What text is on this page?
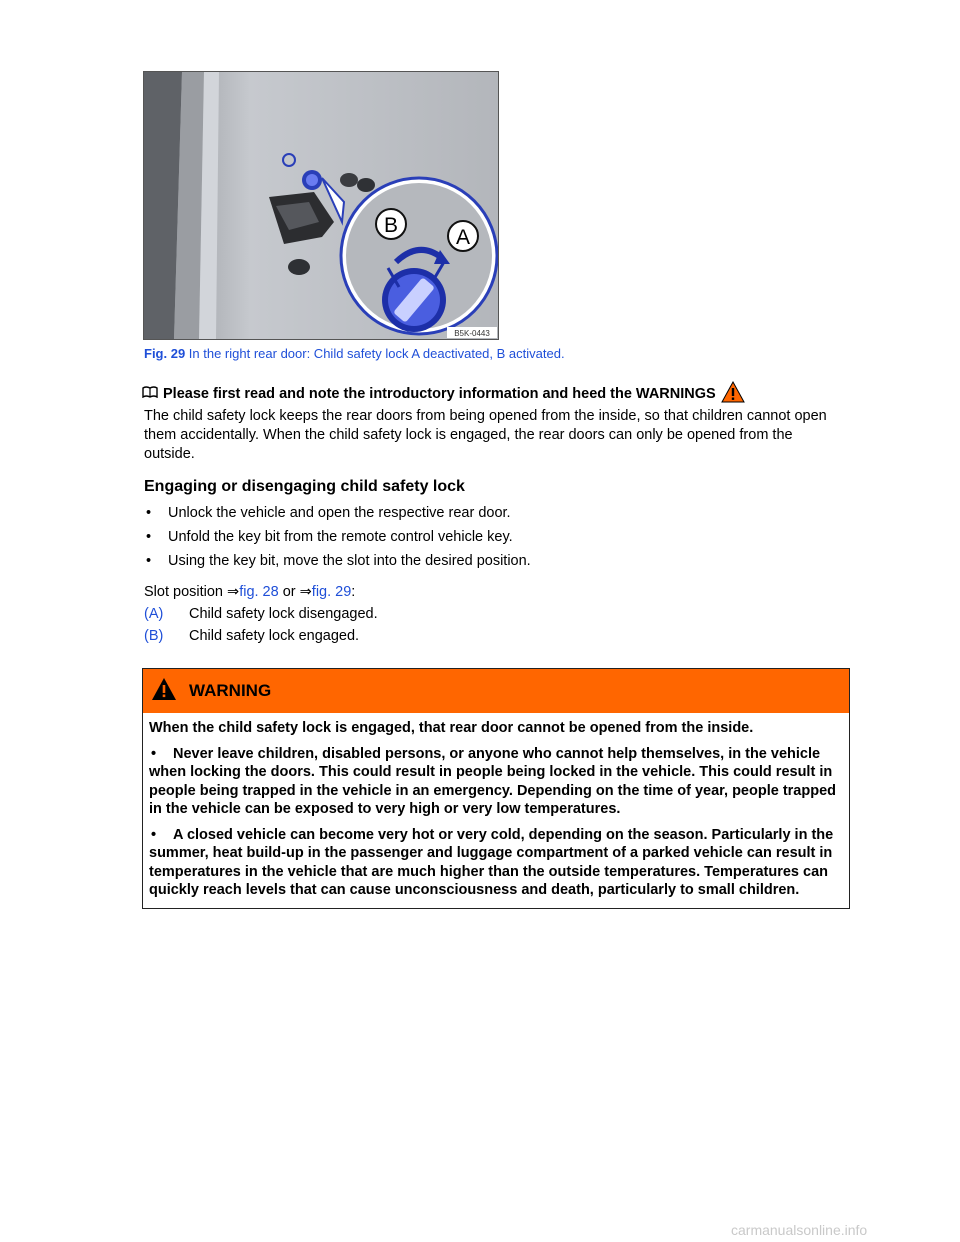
B
A
B5K-0443
Fig. 29 In the right rear door: Child safety lock A deactivated, B activated.
Please first read and note the introductory information and heed the WARNINGS
The child safety lock keeps the rear doors from being opened from the inside, so that children cannot open them accidentally. When the child safety lock is engaged, the rear doors can only be opened from the outside.
Engaging or disengaging child safety lock
•	Unlock the vehicle and open the respective rear door.
•	Unfold the key bit from the remote control vehicle key.
•	Using the key bit, move the slot into the desired position.
Slot position ⇒fig. 28 or ⇒fig. 29:
(A)	Child safety lock disengaged.
(B)	Child safety lock engaged.
WARNING

When the child safety lock is engaged, that rear door cannot be opened from the inside.

• Never leave children, disabled persons, or anyone who cannot help themselves, in the vehicle when locking the doors. This could result in people being locked in the vehicle. This could result in people being trapped in the vehicle in an emergency. Depending on the time of year, people trapped in the vehicle can be exposed to very high or very low temperatures.

• A closed vehicle can become very hot or very cold, depending on the season. Particularly in the summer, heat build-up in the passenger and luggage compartment of a parked vehicle can result in temperatures in the vehicle that are much higher than the outside temperatures. Temperatures can quickly reach levels that can cause unconsciousness and death, particularly to small children.

carmanualsonline.info
